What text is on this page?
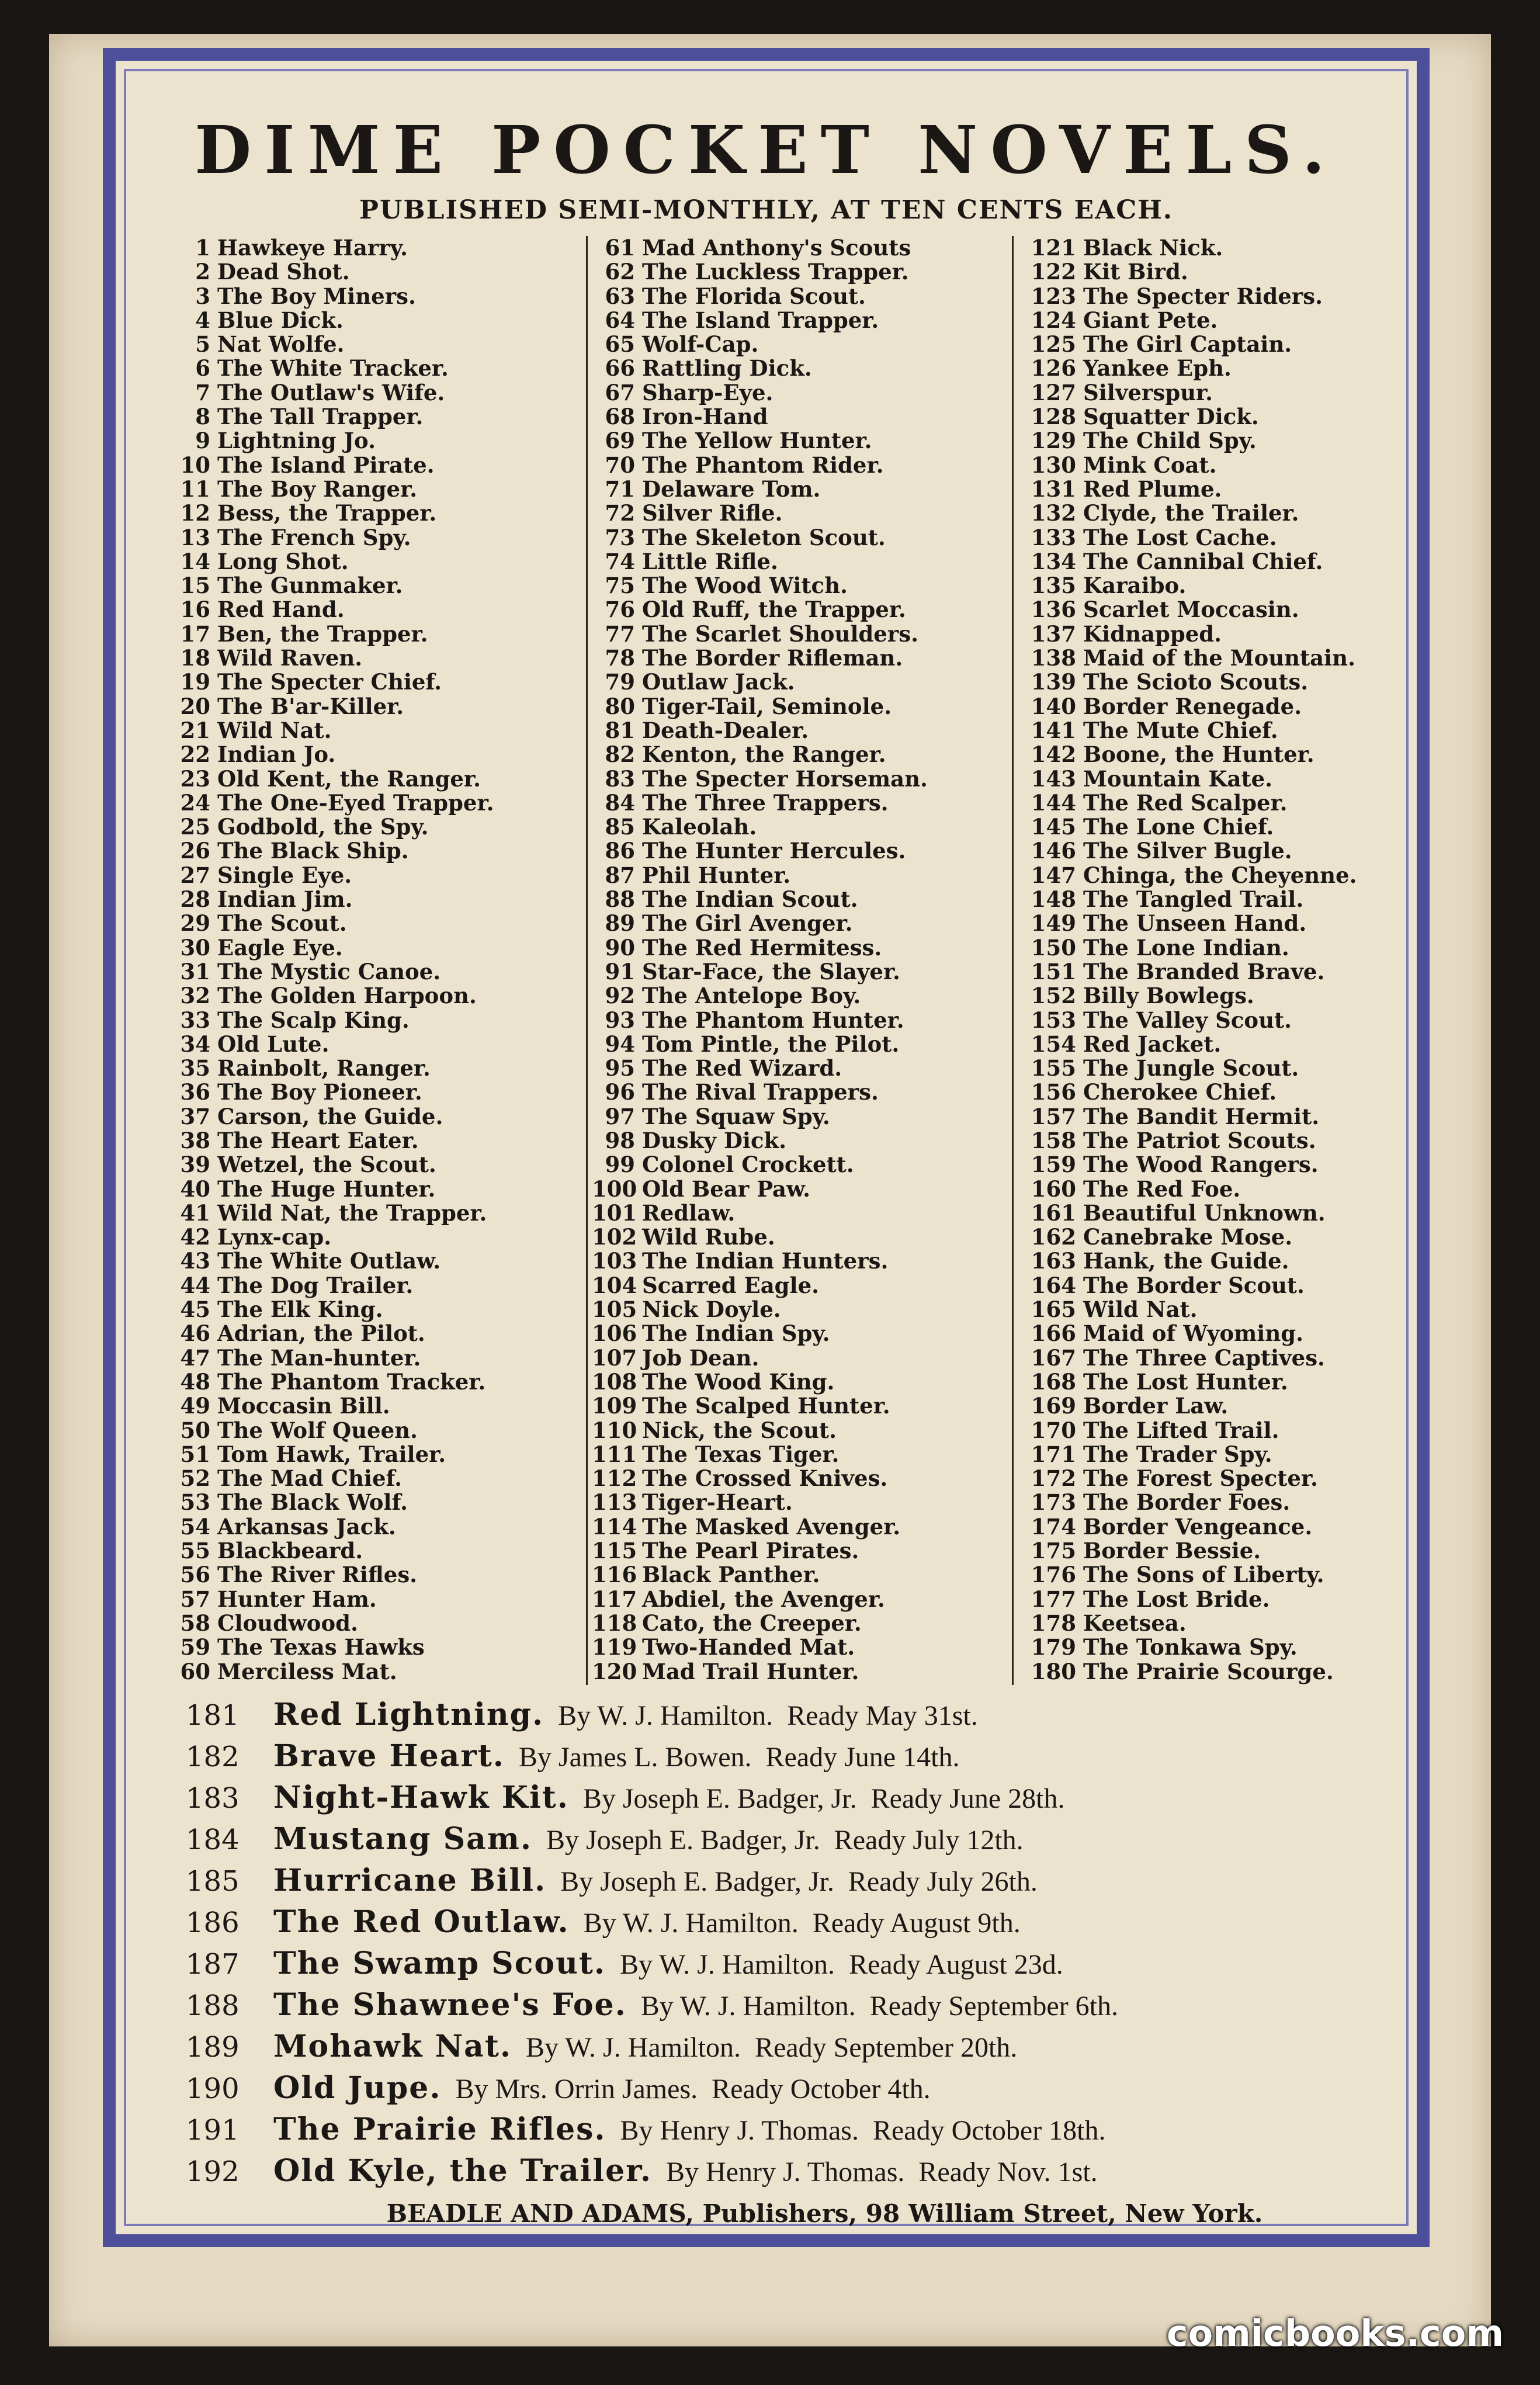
DIME POCKET NOVELS.
PUBLISHED SEMI-MONTHLY, AT TEN CENTS EACH.
1 Hawkeye Harry.
2 Dead Shot.
3 The Boy Miners.
4 Blue Dick.
5 Nat Wolfe.
6 The White Tracker.
7 The Outlaw's Wife.
8 The Tall Trapper.
9 Lightning Jo.
10 The Island Pirate.
11 The Boy Ranger.
12 Bess, the Trapper.
13 The French Spy.
14 Long Shot.
15 The Gunmaker.
16 Red Hand.
17 Ben, the Trapper.
18 Wild Raven.
19 The Specter Chief.
20 The B'ar-Killer.
21 Wild Nat.
22 Indian Jo.
23 Old Kent, the Ranger.
24 The One-Eyed Trapper.
25 Godbold, the Spy.
26 The Black Ship.
27 Single Eye.
28 Indian Jim.
29 The Scout.
30 Eagle Eye.
31 The Mystic Canoe.
32 The Golden Harpoon.
33 The Scalp King.
34 Old Lute.
35 Rainbolt, Ranger.
36 The Boy Pioneer.
37 Carson, the Guide.
38 The Heart Eater.
39 Wetzel, the Scout.
40 The Huge Hunter.
41 Wild Nat, the Trapper.
42 Lynx-cap.
43 The White Outlaw.
44 The Dog Trailer.
45 The Elk King.
46 Adrian, the Pilot.
47 The Man-hunter.
48 The Phantom Tracker.
49 Moccasin Bill.
50 The Wolf Queen.
51 Tom Hawk, Trailer.
52 The Mad Chief.
53 The Black Wolf.
54 Arkansas Jack.
55 Blackbeard.
56 The River Rifles.
57 Hunter Ham.
58 Cloudwood.
59 The Texas Hawks
60 Merciless Mat.
61 Mad Anthony's Scouts
62 The Luckless Trapper.
63 The Florida Scout.
64 The Island Trapper.
65 Wolf-Cap.
66 Rattling Dick.
67 Sharp-Eye.
68 Iron-Hand
69 The Yellow Hunter.
70 The Phantom Rider.
71 Delaware Tom.
72 Silver Rifle.
73 The Skeleton Scout.
74 Little Rifle.
75 The Wood Witch.
76 Old Ruff, the Trapper.
77 The Scarlet Shoulders.
78 The Border Rifleman.
79 Outlaw Jack.
80 Tiger-Tail, Seminole.
81 Death-Dealer.
82 Kenton, the Ranger.
83 The Specter Horseman.
84 The Three Trappers.
85 Kaleolah.
86 The Hunter Hercules.
87 Phil Hunter.
88 The Indian Scout.
89 The Girl Avenger.
90 The Red Hermitess.
91 Star-Face, the Slayer.
92 The Antelope Boy.
93 The Phantom Hunter.
94 Tom Pintle, the Pilot.
95 The Red Wizard.
96 The Rival Trappers.
97 The Squaw Spy.
98 Dusky Dick.
99 Colonel Crockett.
100 Old Bear Paw.
101 Redlaw.
102 Wild Rube.
103 The Indian Hunters.
104 Scarred Eagle.
105 Nick Doyle.
106 The Indian Spy.
107 Job Dean.
108 The Wood King.
109 The Scalped Hunter.
110 Nick, the Scout.
111 The Texas Tiger.
112 The Crossed Knives.
113 Tiger-Heart.
114 The Masked Avenger.
115 The Pearl Pirates.
116 Black Panther.
117 Abdiel, the Avenger.
118 Cato, the Creeper.
119 Two-Handed Mat.
120 Mad Trail Hunter.
121 Black Nick.
122 Kit Bird.
123 The Specter Riders.
124 Giant Pete.
125 The Girl Captain.
126 Yankee Eph.
127 Silverspur.
128 Squatter Dick.
129 The Child Spy.
130 Mink Coat.
131 Red Plume.
132 Clyde, the Trailer.
133 The Lost Cache.
134 The Cannibal Chief.
135 Karaibo.
136 Scarlet Moccasin.
137 Kidnapped.
138 Maid of the Mountain.
139 The Scioto Scouts.
140 Border Renegade.
141 The Mute Chief.
142 Boone, the Hunter.
143 Mountain Kate.
144 The Red Scalper.
145 The Lone Chief.
146 The Silver Bugle.
147 Chinga, the Cheyenne.
148 The Tangled Trail.
149 The Unseen Hand.
150 The Lone Indian.
151 The Branded Brave.
152 Billy Bowlegs.
153 The Valley Scout.
154 Red Jacket.
155 The Jungle Scout.
156 Cherokee Chief.
157 The Bandit Hermit.
158 The Patriot Scouts.
159 The Wood Rangers.
160 The Red Foe.
161 Beautiful Unknown.
162 Canebrake Mose.
163 Hank, the Guide.
164 The Border Scout.
165 Wild Nat.
166 Maid of Wyoming.
167 The Three Captives.
168 The Lost Hunter.
169 Border Law.
170 The Lifted Trail.
171 The Trader Spy.
172 The Forest Specter.
173 The Border Foes.
174 Border Vengeance.
175 Border Bessie.
176 The Sons of Liberty.
177 The Lost Bride.
178 Keetsea.
179 The Tonkawa Spy.
180 The Prairie Scourge.
181 Red Lightning. By W. J. Hamilton. Ready May 31st.
182 Brave Heart. By James L. Bowen. Ready June 14th.
183 Night-Hawk Kit. By Joseph E. Badger, Jr. Ready June 28th.
184 Mustang Sam. By Joseph E. Badger, Jr. Ready July 12th.
185 Hurricane Bill. By Joseph E. Badger, Jr. Ready July 26th.
186 The Red Outlaw. By W. J. Hamilton. Ready August 9th.
187 The Swamp Scout. By W. J. Hamilton. Ready August 23d.
188 The Shawnee's Foe. By W. J. Hamilton. Ready September 6th.
189 Mohawk Nat. By W. J. Hamilton. Ready September 20th.
190 Old Jupe. By Mrs. Orrin James. Ready October 4th.
191 The Prairie Rifles. By Henry J. Thomas. Ready October 18th.
192 Old Kyle, the Trailer. By Henry J. Thomas. Ready Nov. 1st.
BEADLE AND ADAMS, Publishers, 98 William Street, New York.
comicbooks.com
